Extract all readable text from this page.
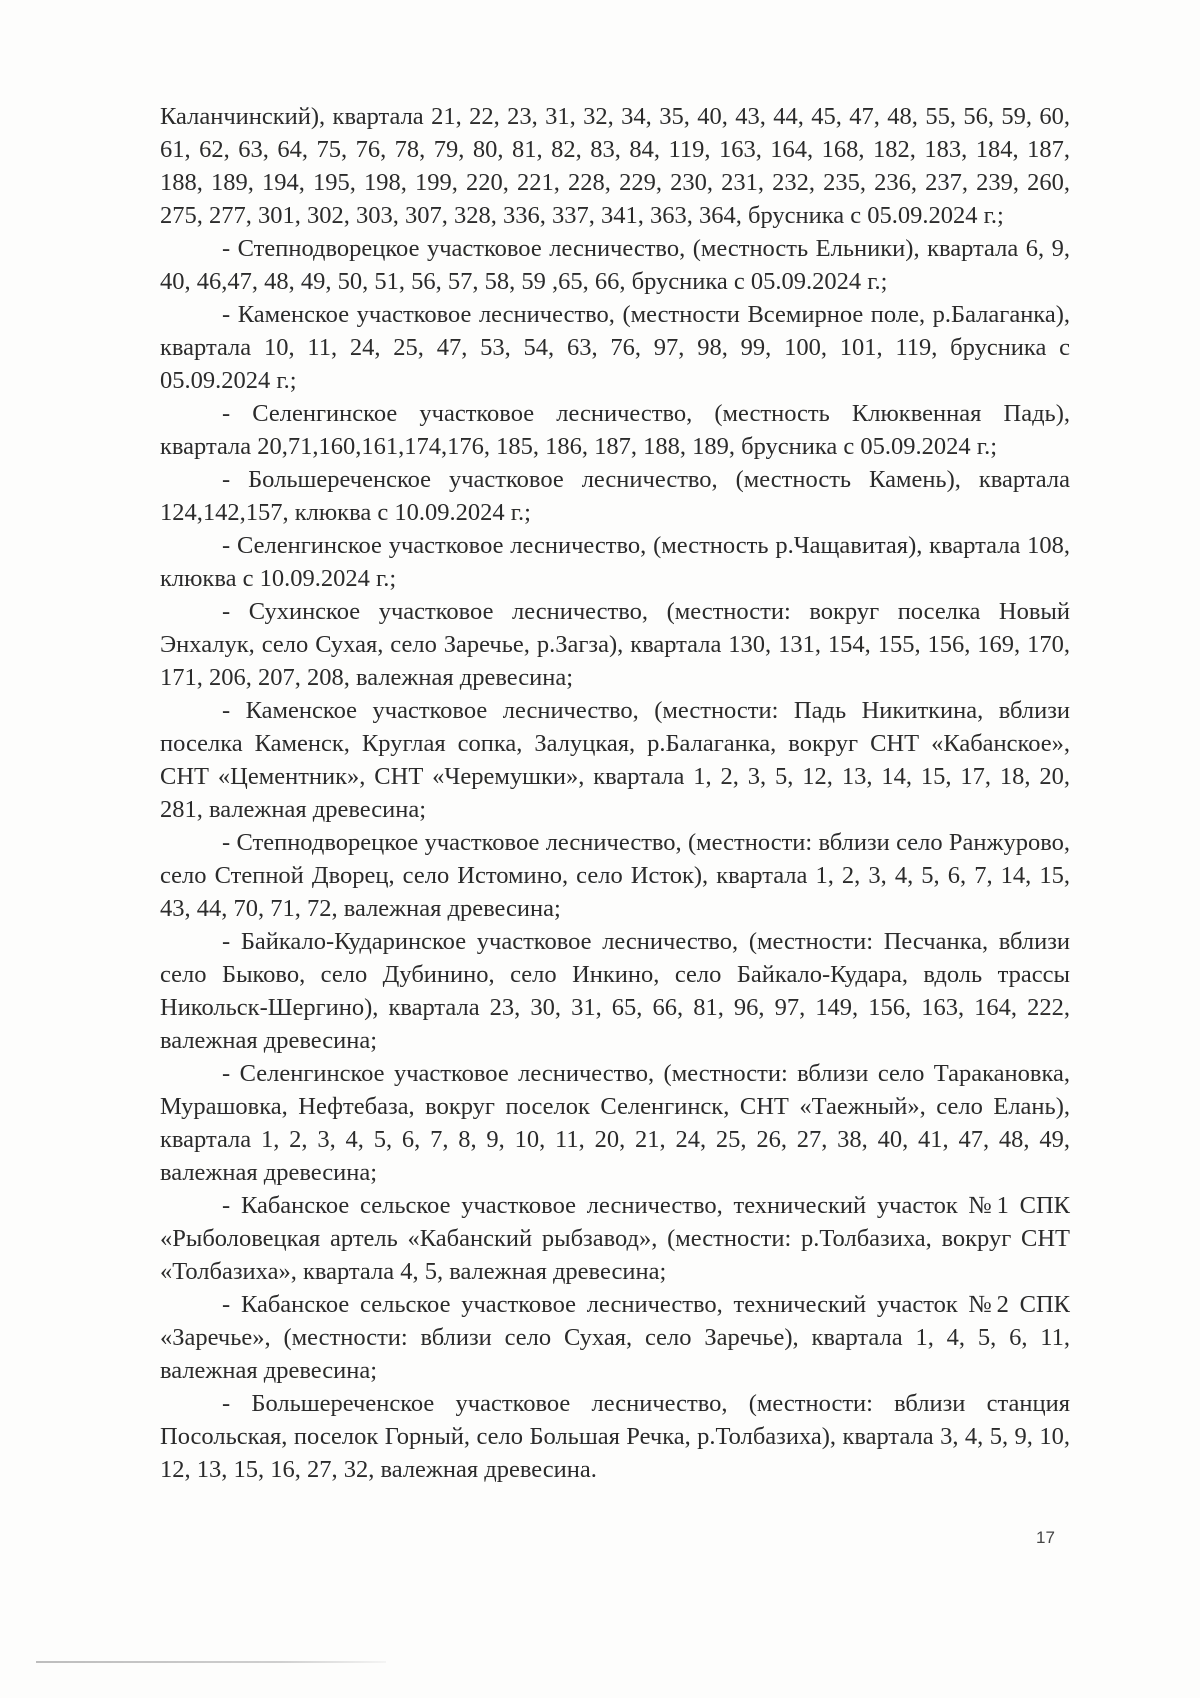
Каланчинский), квартала 21, 22, 23, 31, 32, 34, 35, 40, 43, 44, 45, 47, 48, 55, 56, 59, 60, 61, 62, 63, 64, 75, 76, 78, 79, 80, 81, 82, 83, 84, 119, 163, 164, 168, 182, 183, 184, 187, 188, 189, 194, 195, 198, 199, 220, 221, 228, 229, 230, 231, 232, 235, 236, 237, 239, 260, 275, 277, 301, 302, 303, 307, 328, 336, 337, 341, 363, 364, брусника с 05.09.2024 г.;

- Степнодворецкое участковое лесничество, (местность Ельники), квартала 6, 9, 40, 46,47, 48, 49, 50, 51, 56, 57, 58, 59 ,65, 66, брусника с 05.09.2024 г.;

- Каменское участковое лесничество, (местности Всемирное поле, р.Балаганка), квартала 10, 11, 24, 25, 47, 53, 54, 63, 76, 97, 98, 99, 100, 101, 119, брусника с 05.09.2024 г.;

- Селенгинское участковое лесничество, (местность Клюквенная Падь), квартала 20,71,160,161,174,176, 185, 186, 187, 188, 189, брусника с 05.09.2024 г.;

- Большереченское участковое лесничество, (местность Камень), квартала 124,142,157, клюква с 10.09.2024 г.;

- Селенгинское участковое лесничество, (местность р.Чащавитая), квартала 108, клюква с 10.09.2024 г.;

- Сухинское участковое лесничество, (местности: вокруг поселка Новый Энхалук, село Сухая, село Заречье, р.Загза), квартала 130, 131, 154, 155, 156, 169, 170, 171, 206, 207, 208, валежная древесина;

- Каменское участковое лесничество, (местности: Падь Никиткина, вблизи поселка Каменск, Круглая сопка, Залуцкая, р.Балаганка, вокруг СНТ «Кабанское», СНТ «Цементник», СНТ «Черемушки», квартала 1, 2, 3, 5, 12, 13, 14, 15, 17, 18, 20, 281, валежная древесина;

- Степнодворецкое участковое лесничество, (местности: вблизи село Ранжурово, село Степной Дворец, село Истомино, село Исток), квартала 1, 2, 3, 4, 5, 6, 7, 14, 15, 43, 44, 70, 71, 72, валежная древесина;

- Байкало-Кударинское участковое лесничество, (местности: Песчанка, вблизи село Быково, село Дубинино, село Инкино, село Байкало-Кудара, вдоль трассы Никольск-Шергино), квартала 23, 30, 31, 65, 66, 81, 96, 97, 149, 156, 163, 164, 222, валежная древесина;

- Селенгинское участковое лесничество, (местности: вблизи село Таракановка, Мурашовка, Нефтебаза, вокруг поселок Селенгинск, СНТ «Таежный», село Елань), квартала 1, 2, 3, 4, 5, 6, 7, 8, 9, 10, 11, 20, 21, 24, 25, 26, 27, 38, 40, 41, 47, 48, 49, валежная древесина;

- Кабанское сельское участковое лесничество, технический участок №1 СПК «Рыболовецкая артель «Кабанский рыбзавод», (местности: р.Толбазиха, вокруг СНТ «Толбазиха», квартала 4, 5, валежная древесина;

- Кабанское сельское участковое лесничество, технический участок №2 СПК «Заречье», (местности: вблизи село Сухая, село Заречье), квартала 1, 4, 5, 6, 11, валежная древесина;

- Большереченское участковое лесничество, (местности: вблизи станция Посольская, поселок Горный, село Большая Речка, р.Толбазиха), квартала 3, 4, 5, 9, 10, 12, 13, 15, 16, 27, 32, валежная древесина.

17
